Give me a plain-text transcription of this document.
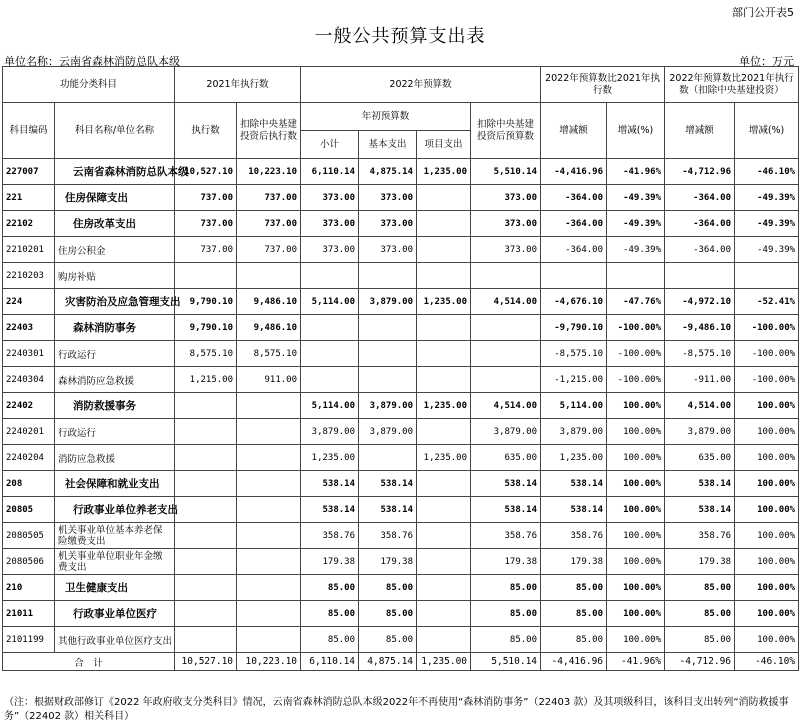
部门公开表5
一般公共预算支出表
单位名称：云南省森林消防总队本级	单位：万元
功能分类科目		2021年执行数		2022年预算数				2022年预算数比2021年执行数		2022年预算数比2021年执行数（扣除中央基建投资）	
科目编码	科目名称/单位名称	执行数	扣除中央基建投资后执行数	年初预算数			扣除中央基建投资后预算数	增减额	增减(%)	增减额	增减(%)
				小计	基本支出	项目支出					
227007	云南省森林消防总队本级	10,527.10	10,223.10	6,110.14	4,875.14	1,235.00	5,510.14	-4,416.96	-41.96%	-4,712.96	-46.10%
221	住房保障支出	737.00	737.00	373.00	373.00		373.00	-364.00	-49.39%	-364.00	-49.39%
22102	住房改革支出	737.00	737.00	373.00	373.00		373.00	-364.00	-49.39%	-364.00	-49.39%
2210201	住房公积金	737.00	737.00	373.00	373.00		373.00	-364.00	-49.39%	-364.00	-49.39%
2210203	购房补贴										
224	灾害防治及应急管理支出	9,790.10	9,486.10	5,114.00	3,879.00	1,235.00	4,514.00	-4,676.10	-47.76%	-4,972.10	-52.41%
22403	森林消防事务	9,790.10	9,486.10					-9,790.10	-100.00%	-9,486.10	-100.00%
2240301	行政运行	8,575.10	8,575.10					-8,575.10	-100.00%	-8,575.10	-100.00%
2240304	森林消防应急救援	1,215.00	911.00					-1,215.00	-100.00%	-911.00	-100.00%
22402	消防救援事务			5,114.00	3,879.00	1,235.00	4,514.00	5,114.00	100.00%	4,514.00	100.00%
2240201	行政运行			3,879.00	3,879.00		3,879.00	3,879.00	100.00%	3,879.00	100.00%
2240204	消防应急救援			1,235.00		1,235.00	635.00	1,235.00	100.00%	635.00	100.00%
208	社会保障和就业支出			538.14	538.14		538.14	538.14	100.00%	538.14	100.00%
20805	行政事业单位养老支出			538.14	538.14		538.14	538.14	100.00%	538.14	100.00%
2080505	机关事业单位基本养老保险缴费支出			358.76	358.76		358.76	358.76	100.00%	358.76	100.00%
2080506	机关事业单位职业年金缴费支出			179.38	179.38		179.38	179.38	100.00%	179.38	100.00%
210	卫生健康支出			85.00	85.00		85.00	85.00	100.00%	85.00	100.00%
21011	行政事业单位医疗			85.00	85.00		85.00	85.00	100.00%	85.00	100.00%
2101199	其他行政事业单位医疗支出			85.00	85.00		85.00	85.00	100.00%	85.00	100.00%
合　计		10,527.10	10,223.10	6,110.14	4,875.14	1,235.00	5,510.14	-4,416.96	-41.96%	-4,712.96	-46.10%
（注：根据财政部修订《2022 年政府收支分类科目》情况，云南省森林消防总队本级2022年不再使用“森林消防事务”（22403 款）及其项级科目，该科目支出转列“消防救援事务”（22402 款）相关科目）
